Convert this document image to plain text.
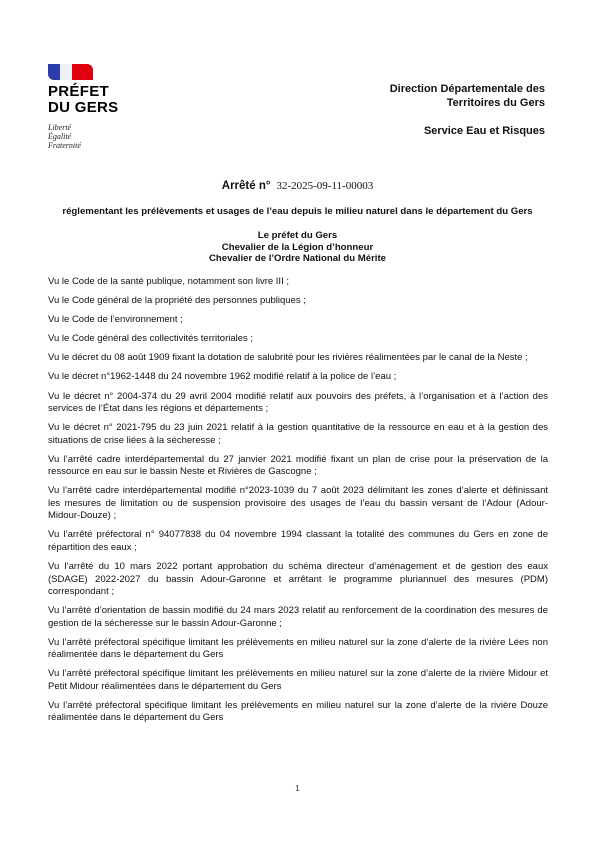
PRÉFET
DU GERS
Liberté
Égalité
Fraternité
Direction Départementale des
Territoires du Gers
Service Eau et Risques
Arrêté n° 32-2025-09-11-00003
réglementant les prélèvements et usages de l’eau depuis le milieu naturel dans le département du Gers
Le préfet du Gers
Chevalier de la Légion d’honneur
Chevalier de l’Ordre National du Mérite

Vu le Code de la santé publique, notamment son livre III ;

Vu le Code général de la propriété des personnes publiques ;

Vu le Code de l’environnement ;

Vu le Code général des collectivités territoriales ;

Vu le décret du 08 août 1909 fixant la dotation de salubrité pour les rivières réalimentées par le canal de la Neste ;

Vu le décret n°1962-1448 du 24 novembre 1962 modifié relatif à la police de l’eau ;

Vu le décret n° 2004-374 du 29 avril 2004 modifié relatif aux pouvoirs des préfets, à l’organisation et à l’action des services de l’État dans les régions et départements ;

Vu le décret n° 2021-795 du 23 juin 2021 relatif à la gestion quantitative de la ressource en eau et à la gestion des situations de crise liées à la sécheresse ;

Vu l’arrêté cadre interdépartemental du 27 janvier 2021 modifié fixant un plan de crise pour la préservation de la ressource en eau sur le bassin Neste et Rivières de Gascogne ;

Vu l’arrêté cadre interdépartemental modifié n°2023-1039 du 7 août 2023 délimitant les zones d’alerte et définissant les mesures de limitation ou de suspension provisoire des usages de l’eau du bassin versant de l’Adour (Adour-Midour-Douze) ;

Vu l’arrêté préfectoral n° 94077838 du 04 novembre 1994 classant la totalité des communes du Gers en zone de répartition des eaux ;

Vu l’arrêté du 10 mars 2022 portant approbation du schéma directeur d’aménagement et de gestion des eaux (SDAGE) 2022-2027 du bassin Adour-Garonne et arrêtant le programme pluriannuel des mesures (PDM) correspondant ;

Vu l’arrêté d’orientation de bassin modifié du 24 mars 2023 relatif au renforcement de la coordination des mesures de gestion de la sécheresse sur le bassin Adour-Garonne ;

Vu l’arrêté préfectoral spécifique limitant les prélèvements en milieu naturel sur la zone d’alerte de la rivière Lées non réalimentée dans le département du Gers

Vu l’arrêté préfectoral spécifique limitant les prélèvements en milieu naturel sur la zone d’alerte de la rivière Midour et Petit Midour réalimentées dans le département du Gers

Vu l’arrêté préfectoral spécifique limitant les prélèvements en milieu naturel sur la zone d’alerte de la rivière Douze réalimentée dans le département du Gers

1
